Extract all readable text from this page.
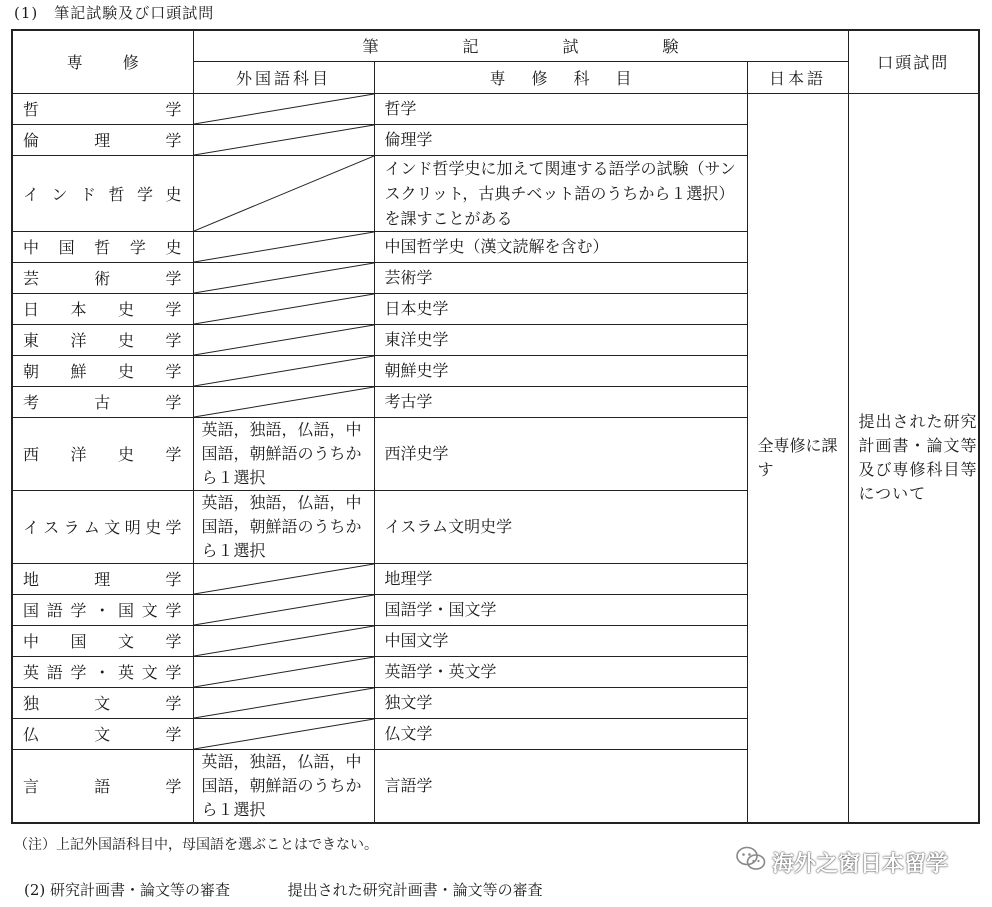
(1)　筆記試験及び口頭試問
専修	筆記試験			口頭試問
	外国語科目	専修科目	日本語	
哲学		哲学	全専修に課す	提出された研究計画書・論文等及び専修科目等について
倫理学		倫理学		
インド哲学史		インド哲学史に加えて関連する語学の試験（サンスクリット，古典チベット語のうちから１選択）を課すことがある		
中国哲学史		中国哲学史（漢文読解を含む）		
芸術学		芸術学		
日本史学		日本史学		
東洋史学		東洋史学		
朝鮮史学		朝鮮史学		
考古学		考古学		
西洋史学	英語，独語，仏語，中国語，朝鮮語のうちから１選択	西洋史学		
イスラム文明史学	英語，独語，仏語，中国語，朝鮮語のうちから１選択	イスラム文明史学		
地理学		地理学		
国語学・国文学		国語学・国文学		
中国文学		中国文学		
英語学・英文学		英語学・英文学		
独文学		独文学		
仏文学		仏文学		
言語学	英語，独語，仏語，中国語，朝鮮語のうちから１選択	言語学		
（注）上記外国語科目中，母国語を選ぶことはできない。
(2) 研究計画書・論文等の審査	提出された研究計画書・論文等の審査
海外之窗日本留学
